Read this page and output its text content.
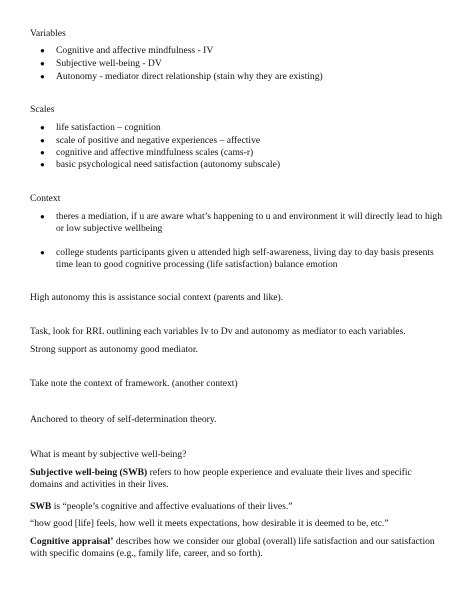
Variables
● Cognitive and affective mindfulness - IV
● Subjective well-being - DV
● Autonomy - mediator direct relationship (stain why they are existing)
Scales
● life satisfaction – cognition
● scale of positive and negative experiences – affective
● cognitive and affective mindfulness scales (cams-r)
● basic psychological need satisfaction (autonomy subscale)
Context
● theres a mediation, if u are aware what’s happening to u and environment it will directly lead to high or low subjective wellbeing
● college students participants given u attended high self-awareness, living day to day basis presents time lean to good cognitive processing (life satisfaction) balance emotion
High autonomy this is assistance social context (parents and like).
Task, look for RRL outlining each variables Iv to Dv and autonomy as mediator to each variables.
Strong support as autonomy good mediator.
Take note the context of framework. (another context)
Anchored to theory of self-determination theory.
What is meant by subjective well-being?
Subjective well-being (SWB) refers to how people experience and evaluate their lives and specific domains and activities in their lives.
SWB is “people’s cognitive and affective evaluations of their lives.”
“how good [life] feels, how well it meets expectations, how desirable it is deemed to be, etc.”
Cognitive appraisal’ describes how we consider our global (overall) life satisfaction and our satisfaction with specific domains (e.g., family life, career, and so forth).
